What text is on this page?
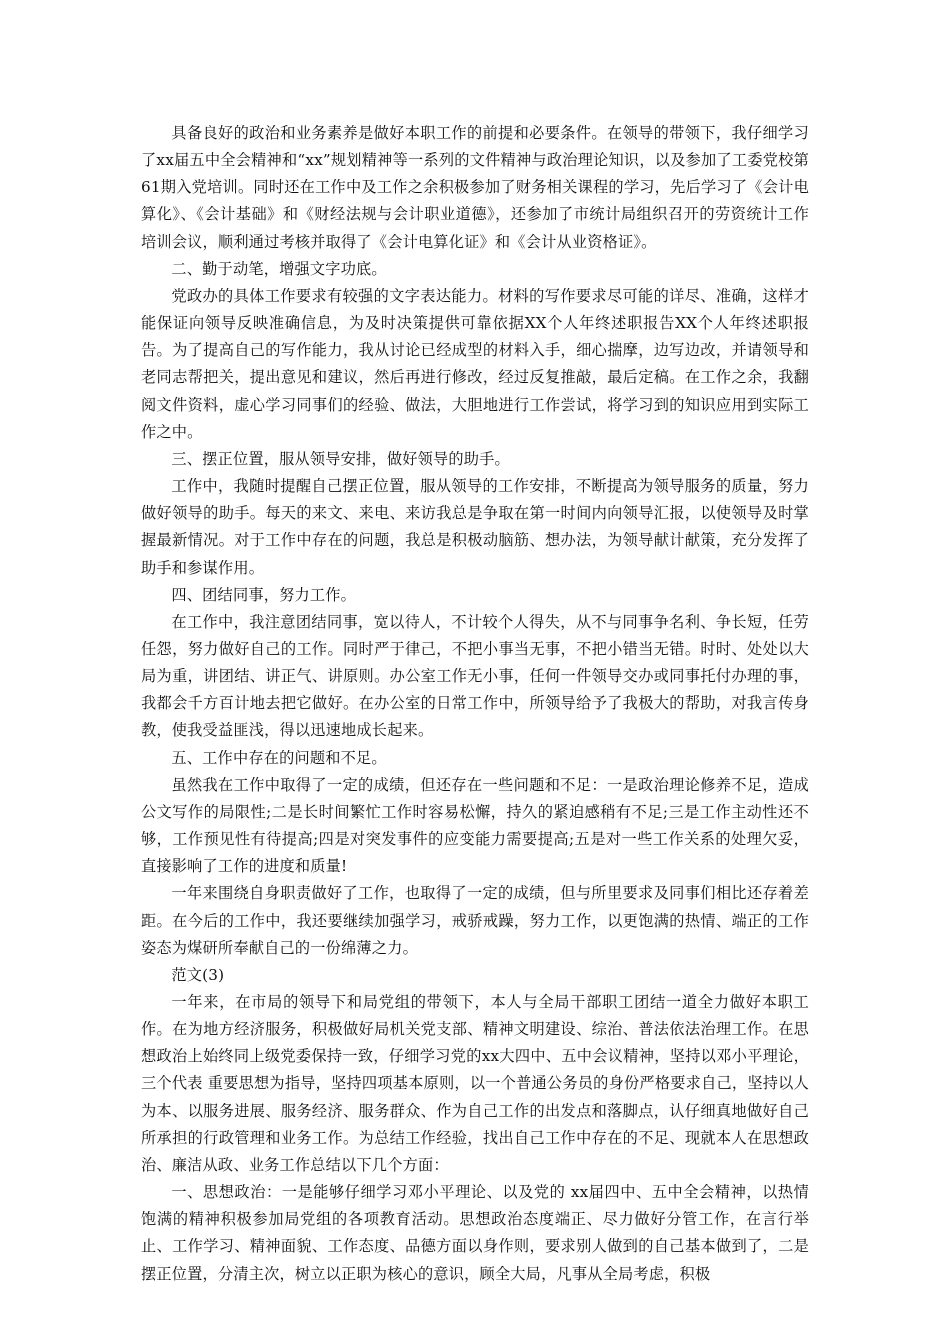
具备良好的政治和业务素养是做好本职工作的前提和必要条件。在领导的带领下，我仔细学习了xx届五中全会精神和“xx”规划精神等一系列的文件精神与政治理论知识，以及参加了工委党校第61期入党培训。同时还在工作中及工作之余积极参加了财务相关课程的学习，先后学习了《会计电算化》、《会计基础》和《财经法规与会计职业道德》，还参加了市统计局组织召开的劳资统计工作培训会议，顺利通过考核并取得了《会计电算化证》和《会计从业资格证》。

二、勤于动笔，增强文字功底。

党政办的具体工作要求有较强的文字表达能力。材料的写作要求尽可能的详尽、准确，这样才能保证向领导反映准确信息，为及时决策提供可靠依据XX个人年终述职报告XX个人年终述职报告。为了提高自己的写作能力，我从讨论已经成型的材料入手，细心揣摩，边写边改，并请领导和老同志帮把关，提出意见和建议，然后再进行修改，经过反复推敲，最后定稿。在工作之余，我翻阅文件资料，虚心学习同事们的经验、做法，大胆地进行工作尝试，将学习到的知识应用到实际工作之中。

三、摆正位置，服从领导安排，做好领导的助手。

工作中，我随时提醒自己摆正位置，服从领导的工作安排，不断提高为领导服务的质量，努力做好领导的助手。每天的来文、来电、来访我总是争取在第一时间内向领导汇报，以使领导及时掌握最新情况。对于工作中存在的问题，我总是积极动脑筋、想办法，为领导献计献策，充分发挥了助手和参谋作用。

四、团结同事，努力工作。

在工作中，我注意团结同事，宽以待人，不计较个人得失，从不与同事争名利、争长短，任劳任怨，努力做好自己的工作。同时严于律己，不把小事当无事，不把小错当无错。时时、处处以大局为重，讲团结、讲正气、讲原则。办公室工作无小事，任何一件领导交办或同事托付办理的事，我都会千方百计地去把它做好。在办公室的日常工作中，所领导给予了我极大的帮助，对我言传身教，使我受益匪浅，得以迅速地成长起来。

五、工作中存在的问题和不足。

虽然我在工作中取得了一定的成绩，但还存在一些问题和不足：一是政治理论修养不足，造成公文写作的局限性;二是长时间繁忙工作时容易松懈，持久的紧迫感稍有不足;三是工作主动性还不够，工作预见性有待提高;四是对突发事件的应变能力需要提高;五是对一些工作关系的处理欠妥，直接影响了工作的进度和质量!

一年来围绕自身职责做好了工作，也取得了一定的成绩，但与所里要求及同事们相比还存着差距。在今后的工作中，我还要继续加强学习，戒骄戒躁，努力工作，以更饱满的热情、端正的工作姿态为煤研所奉献自己的一份绵薄之力。

范文(3)

一年来，在市局的领导下和局党组的带领下，本人与全局干部职工团结一道全力做好本职工作。在为地方经济服务，积极做好局机关党支部、精神文明建设、综治、普法依法治理工作。在思想政治上始终同上级党委保持一致，仔细学习党的xx大四中、五中会议精神，坚持以邓小平理论， 三个代表 重要思想为指导，坚持四项基本原则，以一个普通公务员的身份严格要求自己，坚持以人为本、以服务进展、服务经济、服务群众、作为自己工作的出发点和落脚点，认仔细真地做好自己所承担的行政管理和业务工作。为总结工作经验，找出自己工作中存在的不足、现就本人在思想政治、廉洁从政、业务工作总结以下几个方面：

一、思想政治：一是能够仔细学习邓小平理论、以及党的 xx届四中、五中全会精神，以热情饱满的精神积极参加局党组的各项教育活动。思想政治态度端正、尽力做好分管工作，在言行举止、工作学习、精神面貌、工作态度、品德方面以身作则，要求别人做到的自己基本做到了，二是摆正位置，分清主次，树立以正职为核心的意识，顾全大局，凡事从全局考虑，积极
